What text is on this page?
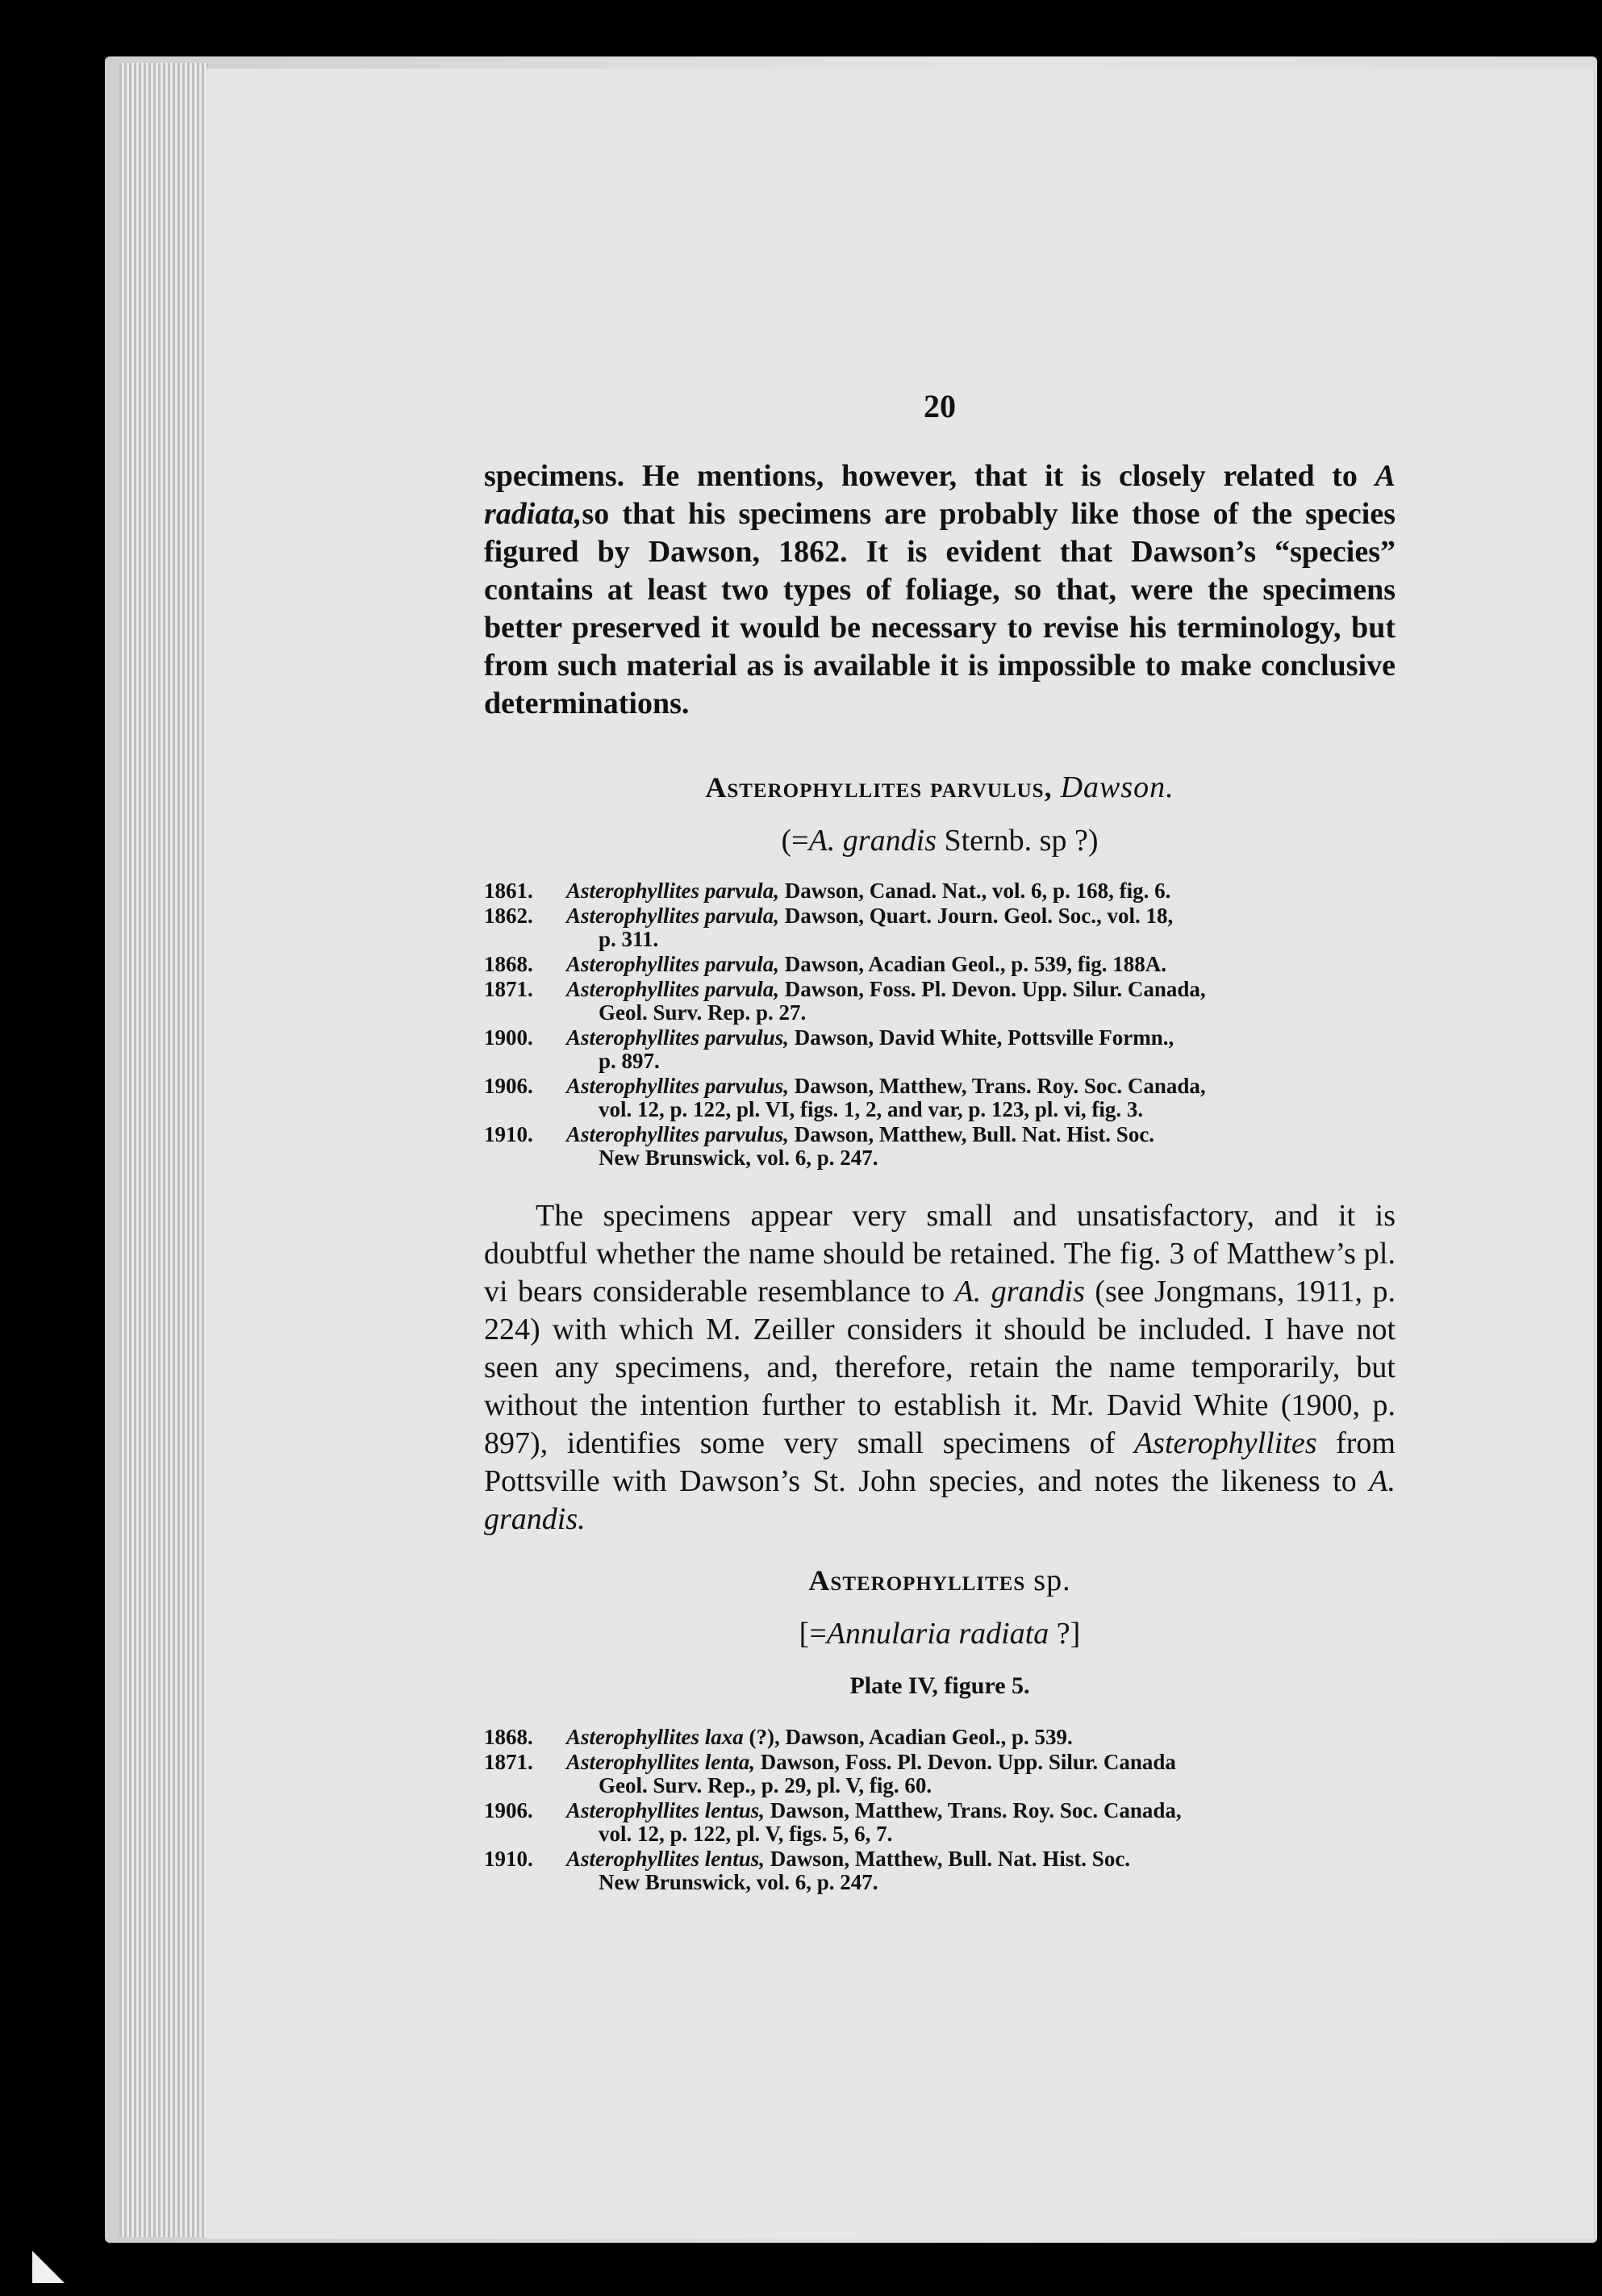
20

specimens. He mentions, however, that it is closely related to A radiata,so that his specimens are probably like those of the species figured by Dawson, 1862. It is evident that Dawson’s “species” contains at least two types of foliage, so that, were the specimens better preserved it would be necessary to revise his terminology, but from such material as is available it is impossible to make conclusive determinations.

Asterophyllites parvulus, Dawson.
(=A. grandis Sternb. sp ?)
1861.	Asterophyllites parvula, Dawson, Canad. Nat., vol. 6, p. 168, fig. 6.
1862.	Asterophyllites parvula, Dawson, Quart. Journ. Geol. Soc., vol. 18,
p. 311.
1868.	Asterophyllites parvula, Dawson, Acadian Geol., p. 539, fig. 188A.
1871.	Asterophyllites parvula, Dawson, Foss. Pl. Devon. Upp. Silur. Canada,
Geol. Surv. Rep. p. 27.
1900.	Asterophyllites parvulus, Dawson, David White, Pottsville Formn.,
p. 897.
1906.	Asterophyllites parvulus, Dawson, Matthew, Trans. Roy. Soc. Canada,
vol. 12, p. 122, pl. VI, figs. 1, 2, and var, p. 123, pl. vi, fig. 3.
1910.	Asterophyllites parvulus, Dawson, Matthew, Bull. Nat. Hist. Soc.
New Brunswick, vol. 6, p. 247.

The specimens appear very small and unsatisfactory, and it is doubtful whether the name should be retained. The fig. 3 of Matthew’s pl. vi bears considerable resemblance to A. grandis (see Jongmans, 1911, p. 224) with which M. Zeiller considers it should be included. I have not seen any specimens, and, therefore, retain the name temporarily, but without the intention further to establish it. Mr. David White (1900, p. 897), identifies some very small specimens of Asterophyllites from Pottsville with Dawson’s St. John species, and notes the likeness to A. grandis.

Asterophyllites sp.
[=Annularia radiata ?]
Plate IV, figure 5.
1868.	Asterophyllites laxa (?), Dawson, Acadian Geol., p. 539.
1871.	Asterophyllites lenta, Dawson, Foss. Pl. Devon. Upp. Silur. Canada
Geol. Surv. Rep., p. 29, pl. V, fig. 60.
1906.	Asterophyllites lentus, Dawson, Matthew, Trans. Roy. Soc. Canada,
vol. 12, p. 122, pl. V, figs. 5, 6, 7.
1910.	Asterophyllites lentus, Dawson, Matthew, Bull. Nat. Hist. Soc.
New Brunswick, vol. 6, p. 247.
